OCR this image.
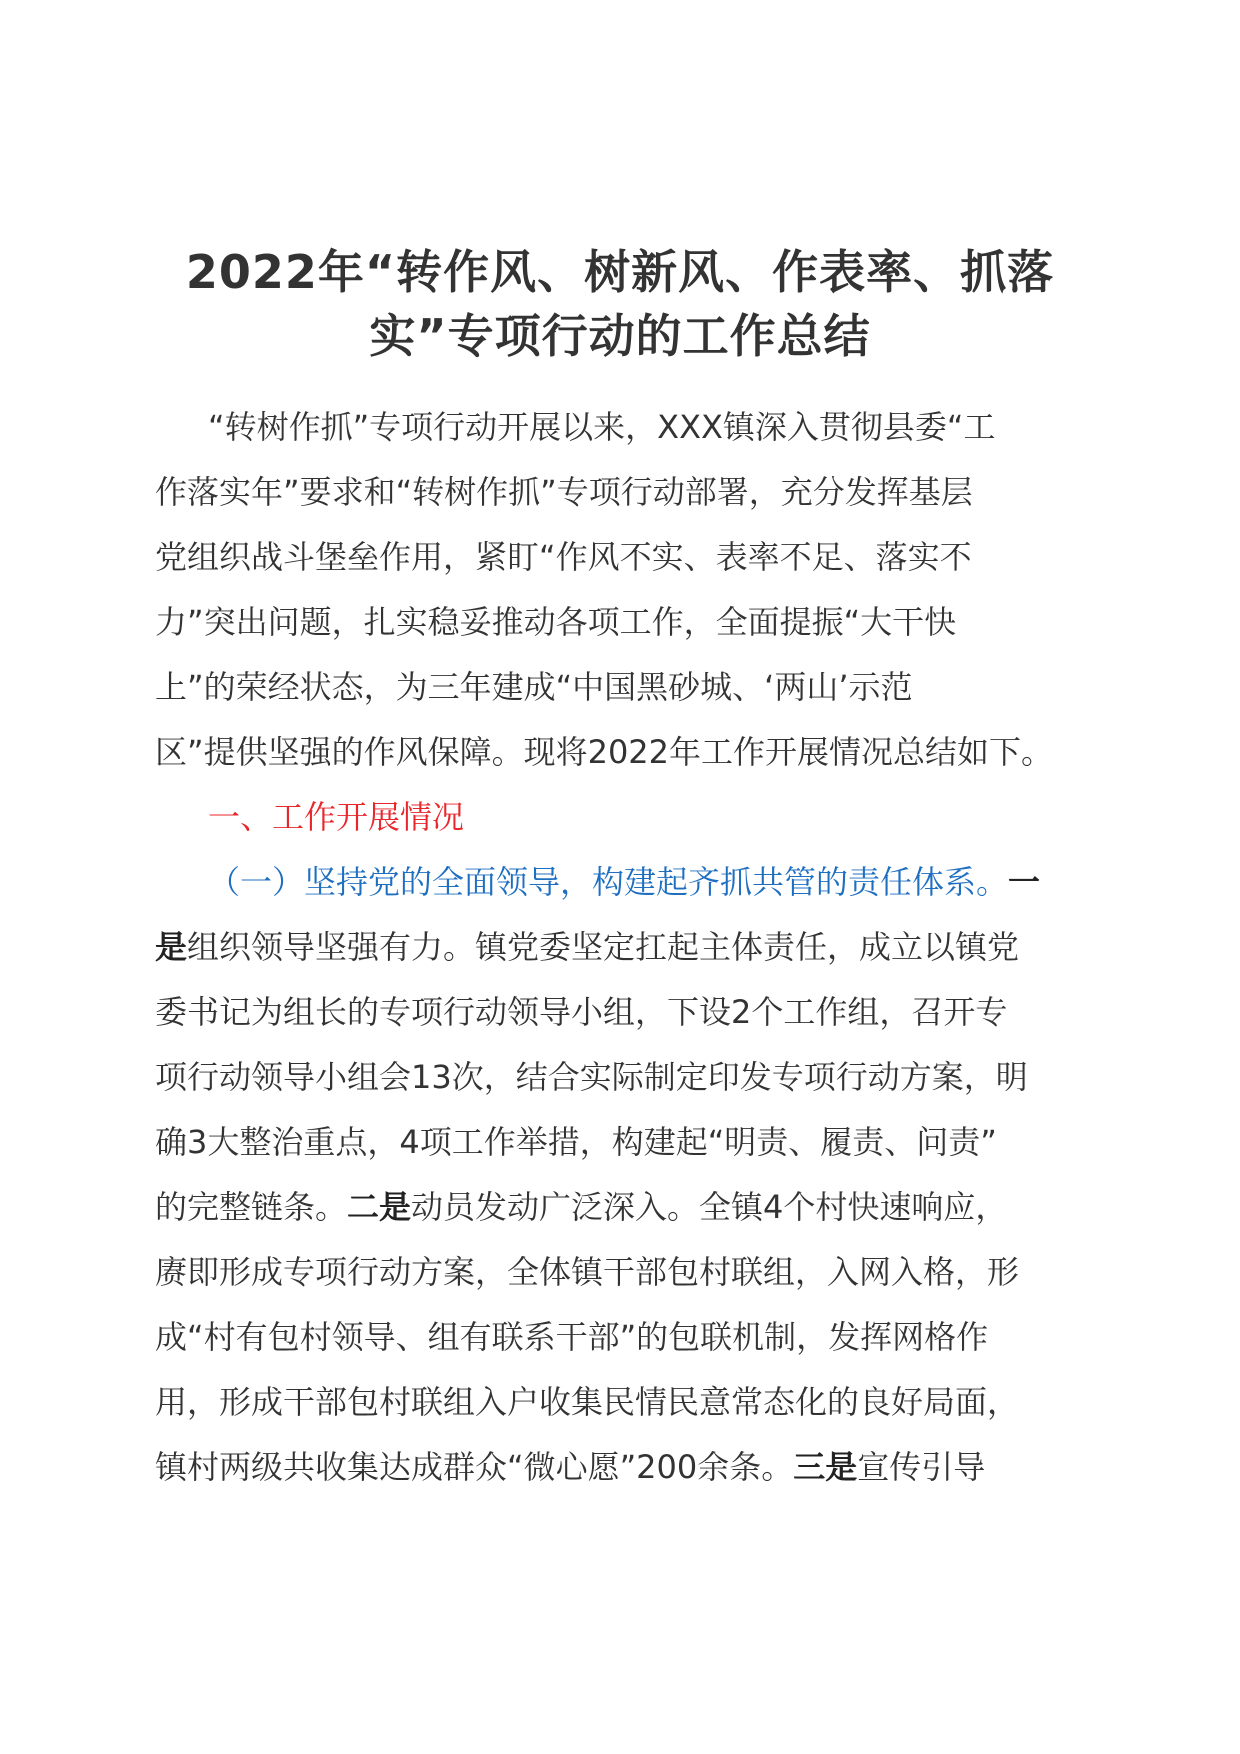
2022年“转作风、树新风、作表率、抓落
实”专项行动的工作总结
“转树作抓”专项行动开展以来，XXX镇深入贯彻县委“工
作落实年”要求和“转树作抓”专项行动部署，充分发挥基层
党组织战斗堡垒作用，紧盯“作风不实、表率不足、落实不
力”突出问题，扎实稳妥推动各项工作，全面提振“大干快
上”的荣经状态，为三年建成“中国黑砂城、‘两山’示范
区”提供坚强的作风保障。现将2022年工作开展情况总结如下。
一、工作开展情况
（一）坚持党的全面领导，构建起齐抓共管的责任体系。一
是组织领导坚强有力。镇党委坚定扛起主体责任，成立以镇党
委书记为组长的专项行动领导小组，下设2个工作组，召开专
项行动领导小组会13次，结合实际制定印发专项行动方案，明
确3大整治重点，4项工作举措，构建起“明责、履责、问责”
的完整链条。二是动员发动广泛深入。全镇4个村快速响应，
赓即形成专项行动方案，全体镇干部包村联组，入网入格，形
成“村有包村领导、组有联系干部”的包联机制，发挥网格作
用，形成干部包村联组入户收集民情民意常态化的良好局面，
镇村两级共收集达成群众“微心愿”200余条。三是宣传引导
